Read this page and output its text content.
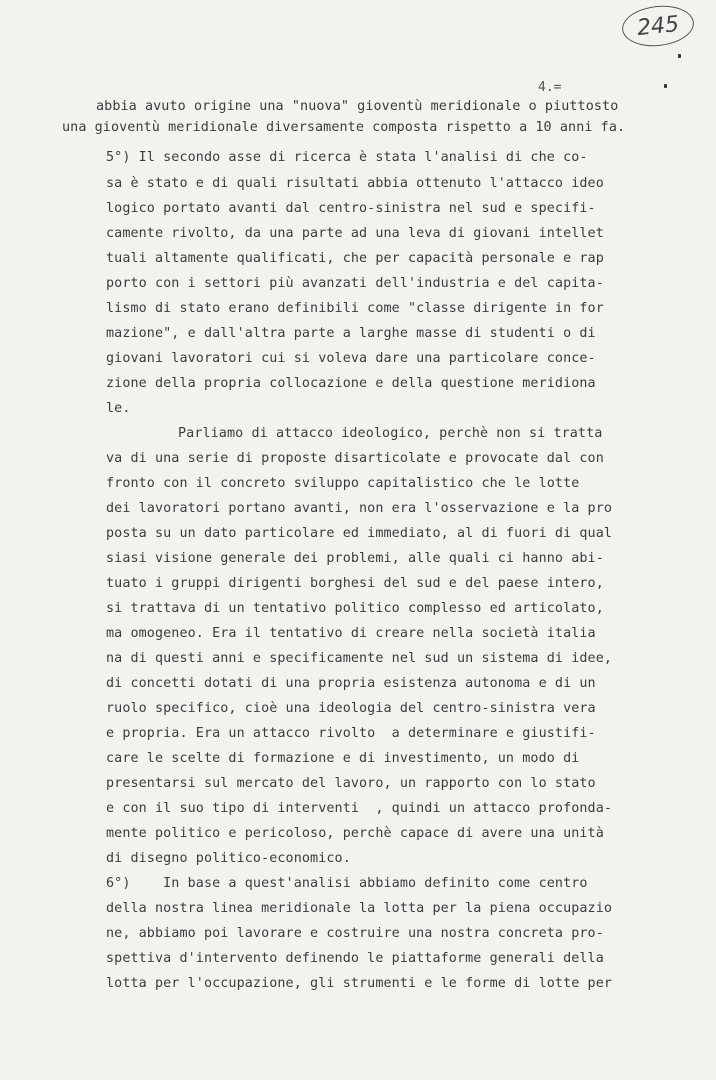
245
4.=
abbia avuto origine una "nuova" gioventù meridionale o piuttosto
una gioventù meridionale diversamente composta rispetto a 10 anni fa.
5°) Il secondo asse di ricerca è stata l'analisi di che co-
sa è stato e di quali risultati abbia ottenuto l'attacco ideo
logico portato avanti dal centro-sinistra nel sud e specifi-
camente rivolto, da una parte ad una leva di giovani intellet
tuali altamente qualificati, che per capacità personale e rap
porto con i settori più avanzati dell'industria e del capita-
lismo di stato erano definibili come "classe dirigente in for
mazione", e dall'altra parte a larghe masse di studenti o di
giovani lavoratori cui si voleva dare una particolare conce-
zione della propria collocazione e della questione meridiona
le.
Parliamo di attacco ideologico, perchè non si tratta
va di una serie di proposte disarticolate e provocate dal con
fronto con il concreto sviluppo capitalistico che le lotte
dei lavoratori portano avanti, non era l'osservazione e la pro
posta su un dato particolare ed immediato, al di fuori di qual
siasi visione generale dei problemi, alle quali ci hanno abi-
tuato i gruppi dirigenti borghesi del sud e del paese intero,
si trattava di un tentativo politico complesso ed articolato,
ma omogeneo. Era il tentativo di creare nella società italia
na di questi anni e specificamente nel sud un sistema di idee,
di concetti dotati di una propria esistenza autonoma e di un
ruolo specifico, cioè una ideologia del centro-sinistra vera
e propria. Era un attacco rivolto  a determinare e giustifi-
care le scelte di formazione e di investimento, un modo di
presentarsi sul mercato del lavoro, un rapporto con lo stato
e con il suo tipo di interventi  , quindi un attacco profonda-
mente politico e pericoloso, perchè capace di avere una unità
di disegno politico-economico.
6°)    In base a quest'analisi abbiamo definito come centro
della nostra linea meridionale la lotta per la piena occupazio
ne, abbiamo poi lavorare e costruire una nostra concreta pro-
spettiva d'intervento definendo le piattaforme generali della
lotta per l'occupazione, gli strumenti e le forme di lotte per
